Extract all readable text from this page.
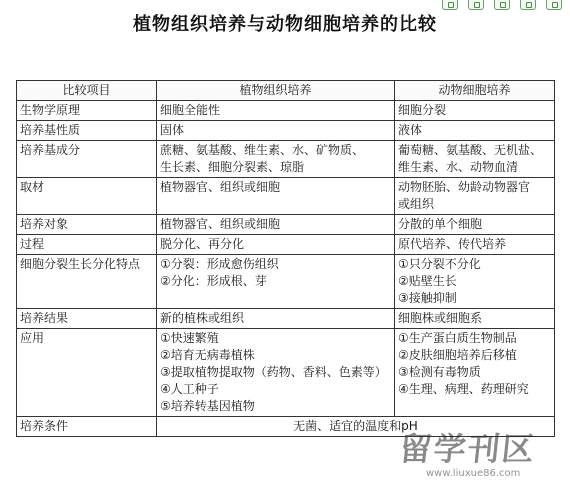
植物组织培养与动物细胞培养的比较
比较项目	植物组织培养	动物细胞培养
生物学原理	细胞全能性	细胞分裂

培养基性质	固体	液体

培养基成分	蔗糖、氨基酸、维生素、水、矿物质、
生长素、细胞分裂素、琼脂	葡萄糖、氨基酸、无机盐、
维生素、水、动物血清

取材	植物器官、组织或细胞	动物胚胎、幼龄动物器官
或组织

培养对象	植物器官、组织或细胞	分散的单个细胞

过程	脱分化、再分化	原代培养、传代培养

细胞分裂生长分化特点	①分裂：形成愈伤组织
②分化：形成根、芽	①只分裂不分化
②贴壁生长
③接触抑制

培养结果	新的植株或组织	细胞株或细胞系

应用	①快速繁殖
②培育无病毒植株
③提取植物提取物（药物、香料、色素等）
④人工种子
⑤培养转基因植物	①生产蛋白质生物制品
②皮肤细胞培养后移植
③检测有毒物质
④生理、病理、药理研究

培养条件	无菌、适宜的温度和pH	
留学刊区
www.liuxue86.com
